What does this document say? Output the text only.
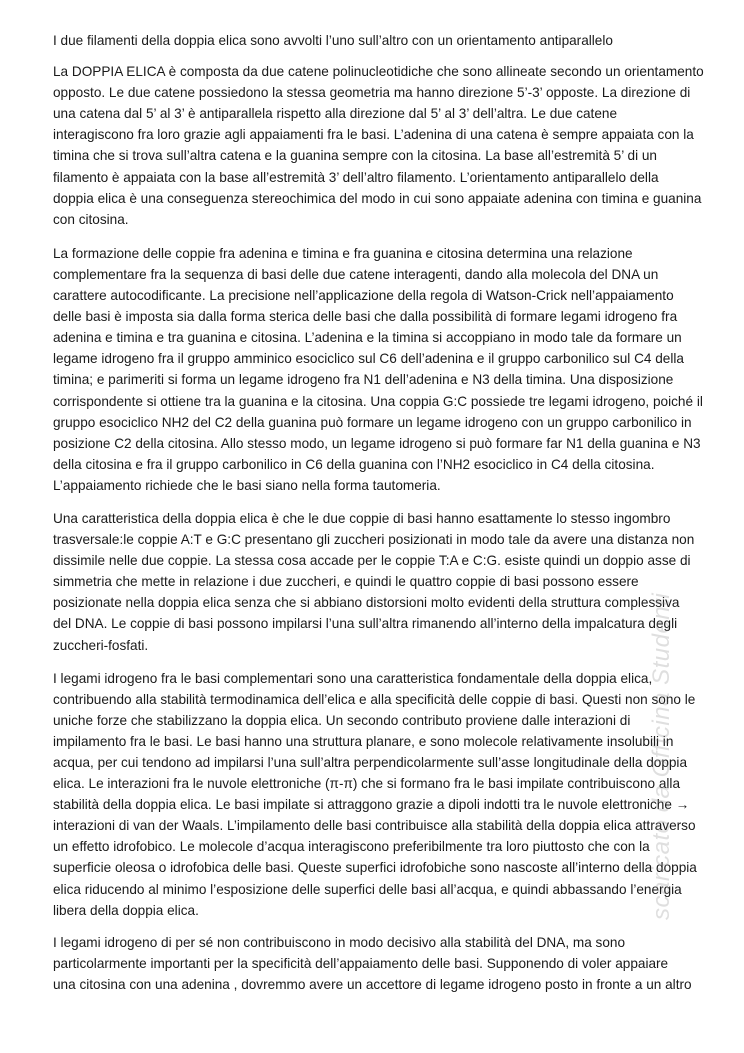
I due filamenti della doppia elica sono avvolti l’uno sull’altro con un orientamento antiparallelo

La DOPPIA ELICA è composta da due catene polinucleotidiche che sono allineate secondo un orientamento
opposto. Le due catene possiedono la stessa geometria ma hanno direzione 5’-3’ opposte. La direzione di
una catena dal 5’ al 3’ è antiparallela rispetto alla direzione dal 5’ al 3’ dell’altra. Le due catene
interagiscono fra loro grazie agli appaiamenti fra le basi. L’adenina di una catena è sempre appaiata con la
timina che si trova sull’altra catena e la guanina sempre con la citosina. La base all’estremità 5’ di un
filamento è appaiata con la base all’estremità 3’ dell’altro filamento. L’orientamento antiparallelo della
doppia elica è una conseguenza stereochimica del modo in cui sono appaiate adenina con timina e guanina
con citosina.

La formazione delle coppie fra adenina e timina e fra guanina e citosina determina una relazione
complementare fra la sequenza di basi delle due catene interagenti, dando alla molecola del DNA un
carattere autocodificante. La precisione nell’applicazione della regola di Watson-Crick nell’appaiamento
delle basi è imposta sia dalla forma sterica delle basi che dalla possibilità di formare legami idrogeno fra
adenina e timina e tra guanina e citosina. L’adenina e la timina si accoppiano in modo tale da formare un
legame idrogeno fra il gruppo amminico esociclico sul C6 dell’adenina e il gruppo carbonilico sul C4 della
timina; e parimeriti si forma un legame idrogeno fra N1 dell’adenina e N3 della timina. Una disposizione
corrispondente si ottiene tra la guanina e la citosina. Una coppia G:C possiede tre legami idrogeno, poiché il
gruppo esociclico NH2 del C2 della guanina può formare un legame idrogeno con un gruppo carbonilico in
posizione C2 della citosina. Allo stesso modo, un legame idrogeno si può formare far N1 della guanina e N3
della citosina e fra il gruppo carbonilico in C6 della guanina con l’NH2 esociclico in C4 della citosina.
L’appaiamento richiede che le basi siano nella forma tautomeria.

Una caratteristica della doppia elica è che le due coppie di basi hanno esattamente lo stesso ingombro
trasversale:le coppie A:T e G:C presentano gli zuccheri posizionati in modo tale da avere una distanza non
dissimile nelle due coppie. La stessa cosa accade per le coppie T:A e C:G. esiste quindi un doppio asse di
simmetria che mette in relazione i due zuccheri, e quindi le quattro coppie di basi possono essere
posizionate nella doppia elica senza che si abbiano distorsioni molto evidenti della struttura complessiva
del DNA. Le coppie di basi possono impilarsi l’una sull’altra rimanendo all’interno della impalcatura degli
zuccheri-fosfati.

I legami idrogeno fra le basi complementari sono una caratteristica fondamentale della doppia elica,
contribuendo alla stabilità termodinamica dell’elica e alla specificità delle coppie di basi. Questi non sono le
uniche forze che stabilizzano la doppia elica. Un secondo contributo proviene dalle interazioni di
impilamento fra le basi. Le basi hanno una struttura planare, e sono molecole relativamente insolubili in
acqua, per cui tendono ad impilarsi l’una sull’altra perpendicolarmente sull’asse longitudinale della doppia
elica. Le interazioni fra le nuvole elettroniche (π-π) che si formano fra le basi impilate contribuiscono alla
stabilità della doppia elica. Le basi impilate si attraggono grazie a dipoli indotti tra le nuvole elettroniche →
interazioni di van der Waals. L’impilamento delle basi contribuisce alla stabilità della doppia elica attraverso
un effetto idrofobico. Le molecole d’acqua interagiscono preferibilmente tra loro piuttosto che con la
superficie oleosa o idrofobica delle basi. Queste superfici idrofobiche sono nascoste all’interno della doppia
elica riducendo al minimo l’esposizione delle superfici delle basi all’acqua, e quindi abbassando l’energia
libera della doppia elica.

I legami idrogeno di per sé non contribuiscono in modo decisivo alla stabilità del DNA, ma sono
particolarmente importanti per la specificità dell’appaiamento delle basi. Supponendo di voler appaiare
una citosina con una adenina , dovremmo avere un accettore di legame idrogeno posto in fronte a un altro

scaricato da Officina Studenti
